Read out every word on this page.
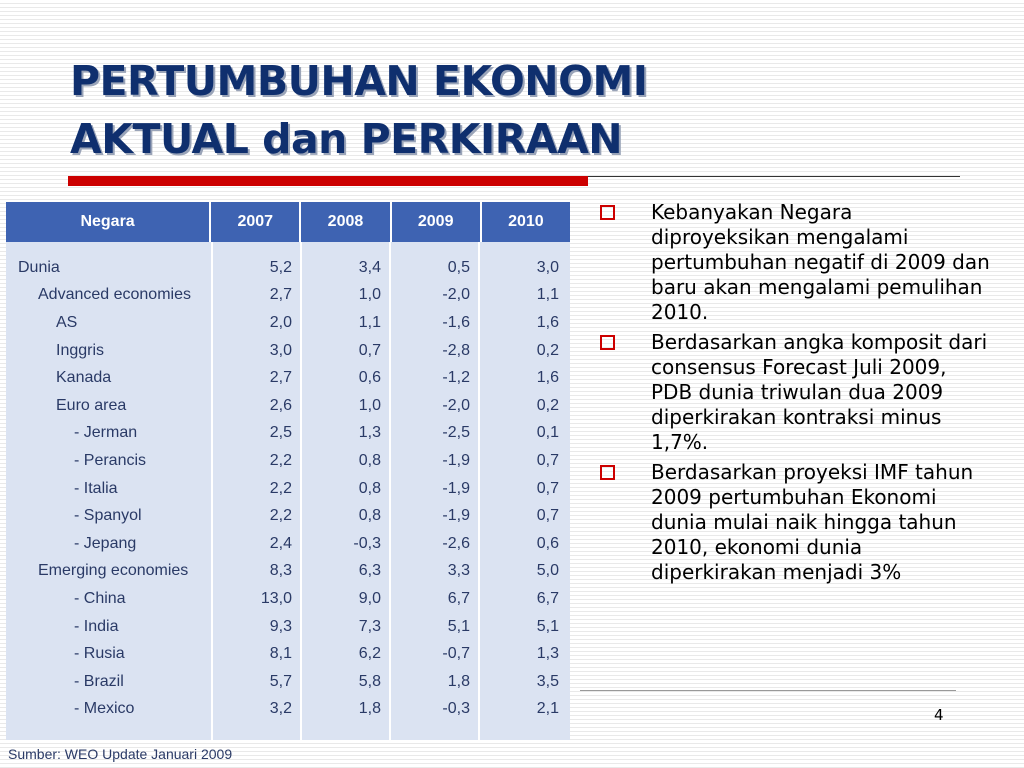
PERTUMBUHAN EKONOMI
AKTUAL dan PERKIRAAN
Negara	2007	2008	2009	2010
Dunia	5,2	3,4	0,5	3,0
Advanced economies	2,7	1,0	-2,0	1,1
AS	2,0	1,1	-1,6	1,6
Inggris	3,0	0,7	-2,8	0,2
Kanada	2,7	0,6	-1,2	1,6
Euro area	2,6	1,0	-2,0	0,2
- Jerman	2,5	1,3	-2,5	0,1
- Perancis	2,2	0,8	-1,9	0,7
- Italia	2,2	0,8	-1,9	0,7
- Spanyol	2,2	0,8	-1,9	0,7
- Jepang	2,4	-0,3	-2,6	0,6
Emerging economies	8,3	6,3	3,3	5,0
- China	13,0	9,0	6,7	6,7
- India	9,3	7,3	5,1	5,1
- Rusia	8,1	6,2	-0,7	1,3
- Brazil	5,7	5,8	1,8	3,5
- Mexico	3,2	1,8	-0,3	2,1
Sumber: WEO Update Januari 2009
Kebanyakan Negara diproyeksikan mengalami pertumbuhan negatif di 2009 dan baru akan mengalami pemulihan 2010.
Berdasarkan angka komposit dari consensus Forecast Juli 2009, PDB dunia triwulan dua 2009 diperkirakan kontraksi minus 1,7%.
Berdasarkan proyeksi IMF tahun 2009 pertumbuhan Ekonomi dunia mulai naik hingga tahun 2010, ekonomi dunia diperkirakan menjadi 3%
4
